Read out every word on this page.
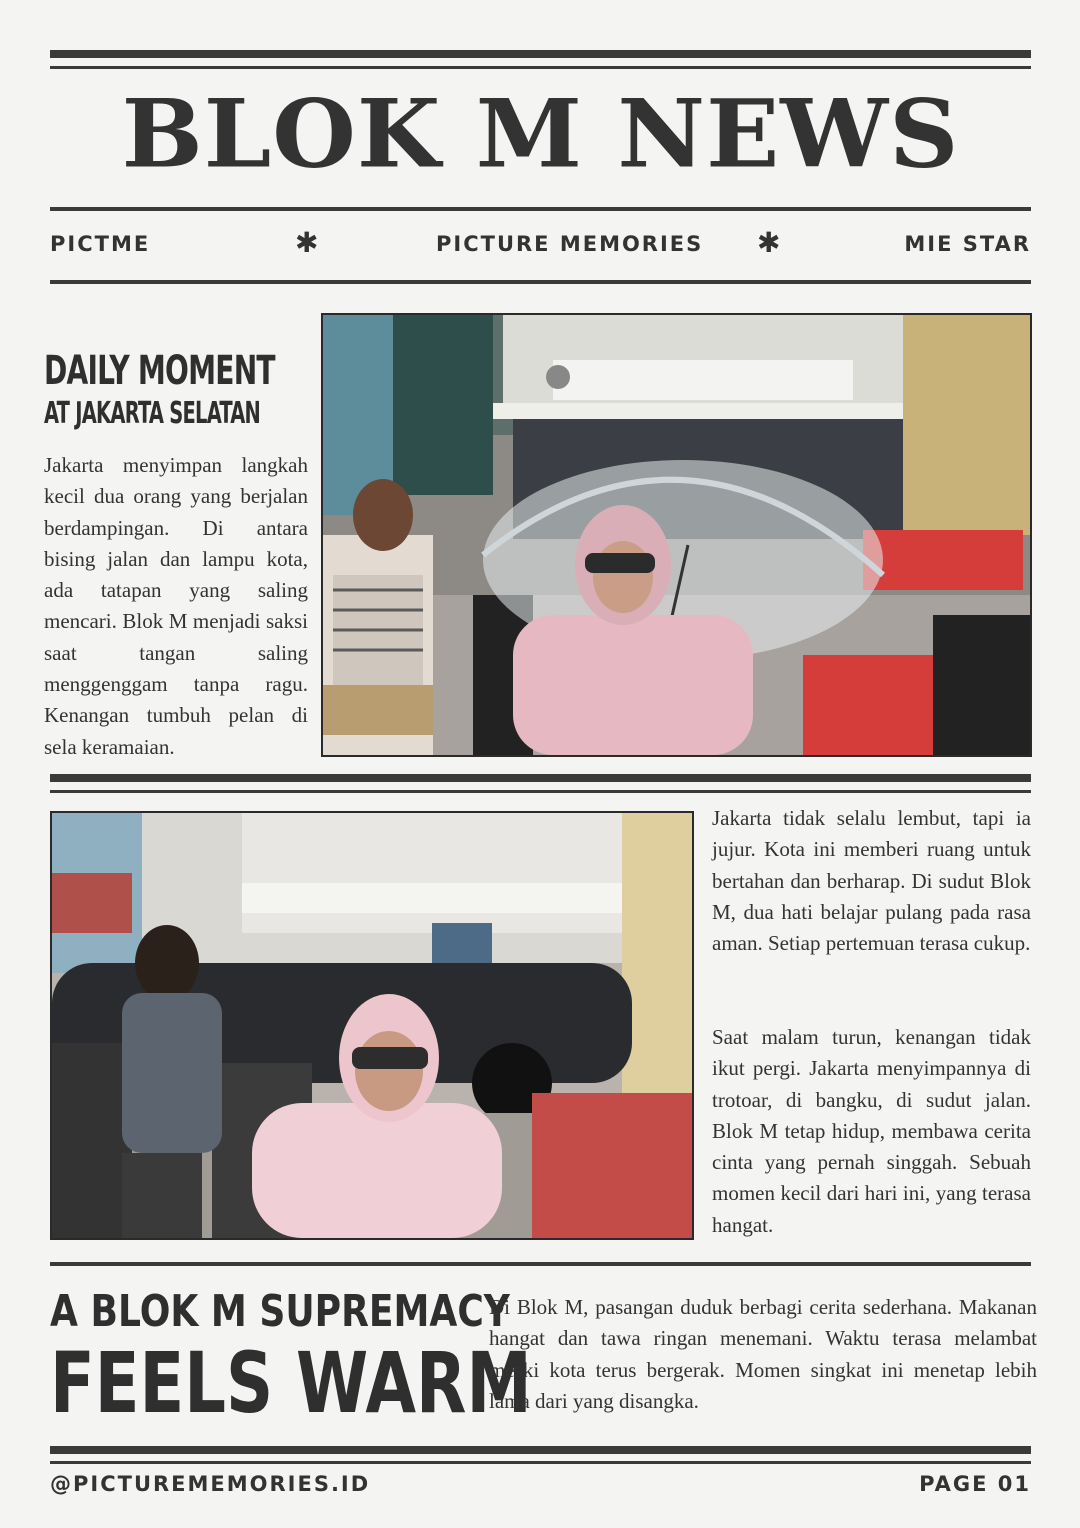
BLOK M NEWS
PICTME	✱	PICTURE MEMORIES ✱	MIE STAR
DAILY MOMENT
AT JAKARTA SELATAN
Jakarta menyimpan langkah kecil dua orang yang berjalan berdampingan. Di antara bising jalan dan lampu kota, ada tatapan yang saling mencari. Blok M menjadi saksi saat tangan saling menggenggam tanpa ragu. Kenangan tumbuh pelan di sela keramaian.
Jakarta tidak selalu lembut, tapi ia jujur. Kota ini memberi ruang untuk bertahan dan berharap. Di sudut Blok M, dua hati belajar pulang pada rasa aman. Setiap pertemuan terasa cukup.
Saat malam turun, kenangan tidak ikut pergi. Jakarta menyimpannya di trotoar, di bangku, di sudut jalan. Blok M tetap hidup, membawa cerita cinta yang pernah singgah. Sebuah momen kecil dari hari ini, yang terasa hangat.
A BLOK M SUPREMACY
FEELS WARM
Di Blok M, pasangan duduk berbagi cerita sederhana. Makanan hangat dan tawa ringan menemani. Waktu terasa melambat meski kota terus bergerak. Momen singkat ini menetap lebih lama dari yang disangka.
@PICTUREMEMORIES.ID	PAGE 01
